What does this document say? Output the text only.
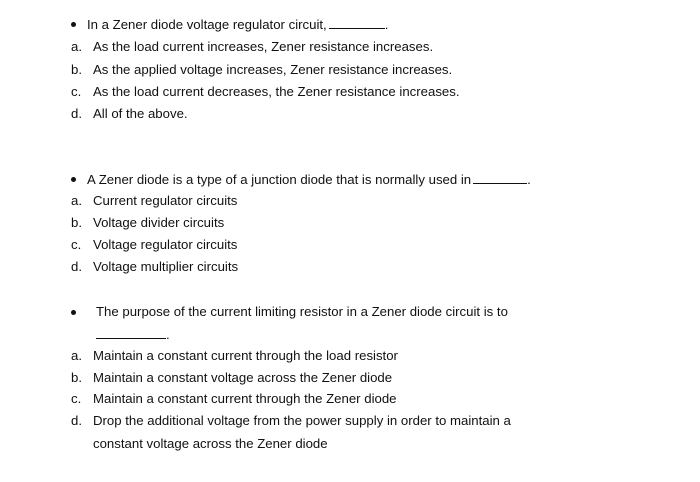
In a Zener diode voltage regulator circuit,	.
a. As the load current increases, Zener resistance increases.
b. As the applied voltage increases, Zener resistance increases.
c. As the load current decreases, the Zener resistance increases.
d. All of the above.
A Zener diode is a type of a junction diode that is normally used in	.
a. Current regulator circuits
b. Voltage divider circuits
c. Voltage regulator circuits
d. Voltage multiplier circuits
The purpose of the current limiting resistor in a Zener diode circuit is to
.
a. Maintain a constant current through the load resistor
b. Maintain a constant voltage across the Zener diode
c. Maintain a constant current through the Zener diode
d. Drop the additional voltage from the power supply in order to maintain a
constant voltage across the Zener diode
